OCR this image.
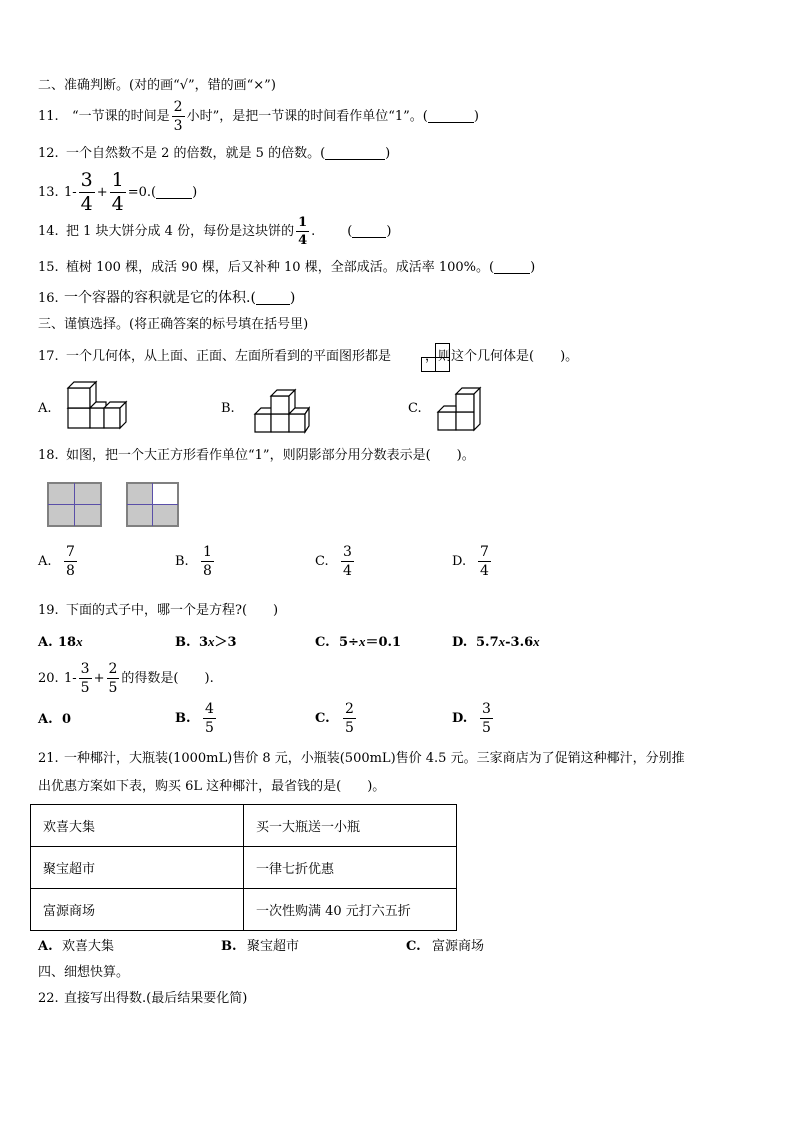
二、准确判断。(对的画“√”，错的画“×”)
11. “一节课的时间是 $\frac{2}{3}$ 小时”，是把一节课的时间看作单位“1”。(	)
12. 一个自然数不是 2 的倍数，就是 5 的倍数。(	)
13. $1- \frac{3}{4} + \frac{1}{4} =0$.(	)
14. 把 1 块大饼分成 4 份，每份是这块饼的 $\frac{1}{4}$ . (	)
15. 植树 100 棵，成活 90 棵，后又补种 10 棵，全部成活。成活率 100%。(	)
16. 一个容器的容积就是它的体积.( )
三、谨慎选择。(将正确答案的标号填在括号里)
17. 一个几何体，从上面、正面、左面所看到的平面图形都是	，则这个几何体是(　　)。
A.	B.	C.
18. 如图，把一个大正方形看作单位“1”，则阴影部分用分数表示是(　　)。
A. $\frac{7}{8}$	B. $\frac{1}{8}$	C. $\frac{3}{4}$	D. $\frac{7}{4}$
19. 下面的式子中，哪一个是方程?(　　)
A. 18x	B. 3x＞3	C. 5÷x＝0.1	D. 5.7x-3.6x
20. $1- \frac{3}{5} + \frac{2}{5}$ 的得数是(　　).
A. 0	B. $\frac{4}{5}$	C. $\frac{2}{5}$	D. $\frac{3}{5}$
21. 一种椰汁，大瓶装(1000mL)售价 8 元，小瓶装(500mL)售价 4.5 元。三家商店为了促销这种椰汁，分别推
出优惠方案如下表，购买 6L 这种椰汁，最省钱的是(　　)。
欢喜大集	买一大瓶送一小瓶
聚宝超市	一律七折优惠
富源商场	一次性购满 40 元打六五折
A. 欢喜大集	B. 聚宝超市	C. 富源商场
四、细想快算。
22. 直接写出得数.(最后结果要化简)
